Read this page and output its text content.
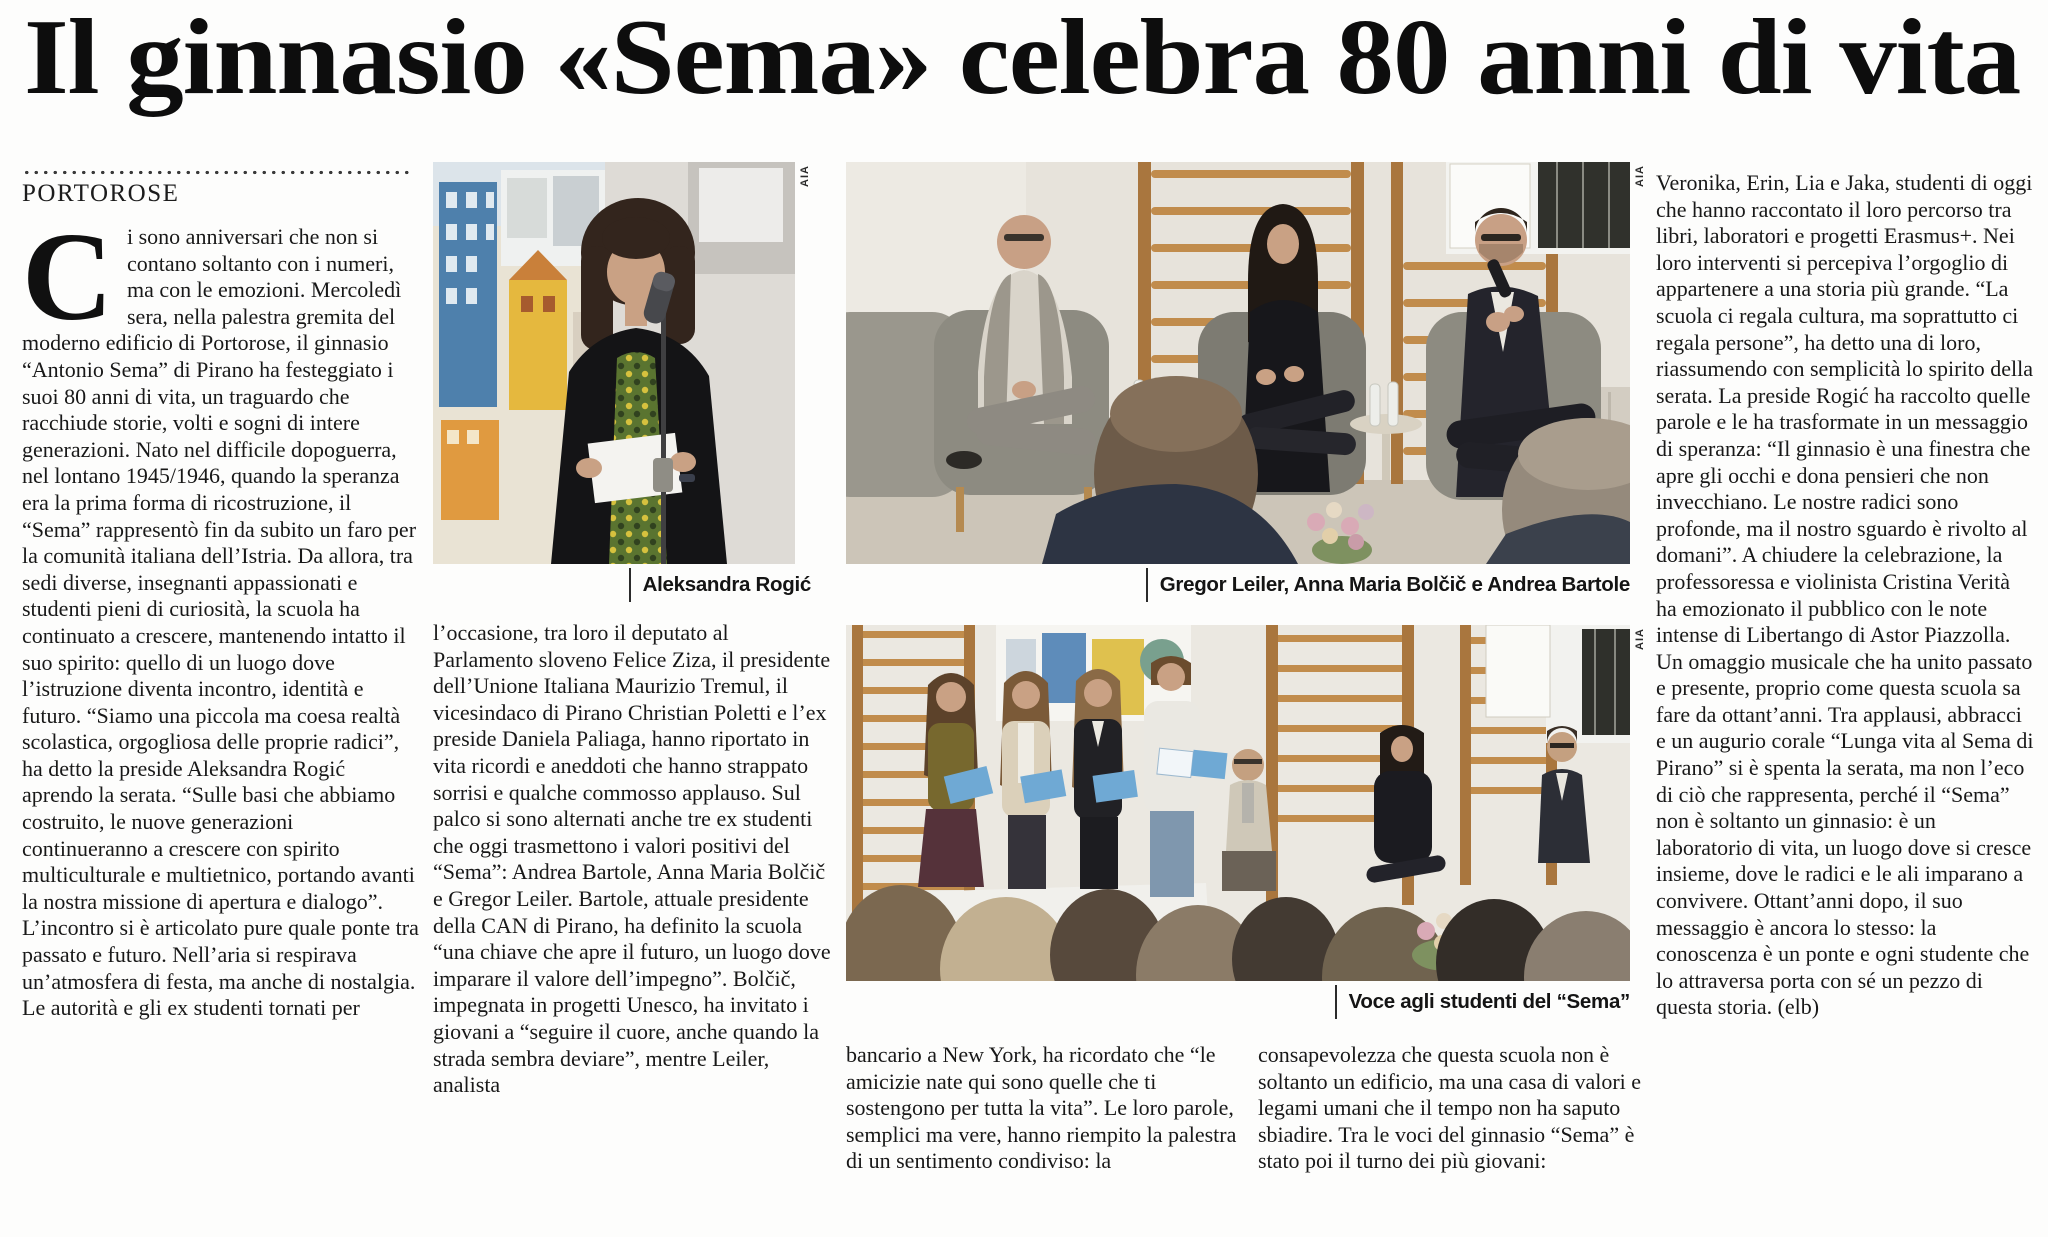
Il ginnasio «Sema» celebra 80 anni di vita
PORTOROSE
Ci sono anniversari che non si contano soltanto con i numeri, ma con le emozioni. Mercoledì sera, nella palestra gremita del moderno edificio di Portorose, il ginnasio “Antonio Sema” di Pirano ha festeggiato i suoi 80 anni di vita, un traguardo che racchiude storie, volti e sogni di intere generazioni. Nato nel difficile dopoguerra, nel lontano 1945/1946, quando la speranza era la prima forma di ricostruzione, il “Sema” rappresentò fin da subito un faro per la comunità italiana dell’Istria. Da allora, tra sedi diverse, insegnanti appassionati e studenti pieni di curiosità, la scuola ha continuato a crescere, mantenendo intatto il suo spirito: quello di un luogo dove l’istruzione diventa incontro, identità e futuro. “Siamo una piccola ma coesa realtà scolastica, orgogliosa delle proprie radici”, ha detto la preside Aleksandra Rogić aprendo la serata. “Sulle basi che abbiamo costruito, le nuove generazioni continueranno a crescere con spirito multiculturale e multietnico, portando avanti la nostra missione di apertura e dialogo”. L’incontro si è articolato pure quale ponte tra passato e futuro. Nell’aria si respirava un’atmosfera di festa, ma anche di nostalgia. Le autorità e gli ex studenti tornati per
AIA
Aleksandra Rogić
l’occasione, tra loro il deputato al Parlamento sloveno Felice Ziza, il presidente dell’Unione Italiana Maurizio Tremul, il vicesindaco di Pirano Christian Poletti e l’ex preside Daniela Paliaga, hanno riportato in vita ricordi e aneddoti che hanno strappato sorrisi e qualche commosso applauso. Sul palco si sono alternati anche tre ex studenti che oggi trasmettono i valori positivi del “Sema”: Andrea Bartole, Anna Maria Bolčič e Gregor Leiler. Bartole, attuale presidente della CAN di Pirano, ha definito la scuola “una chiave che apre il futuro, un luogo dove imparare il valore dell’impegno”. Bolčič, impegnata in progetti Unesco, ha invitato i giovani a “seguire il cuore, anche quando la strada sembra deviare”, mentre Leiler, analista
AIA
Gregor Leiler, Anna Maria Bolčič e Andrea Bartole
AIA
Voce agli studenti del “Sema”
bancario a New York, ha ricordato che “le amicizie nate qui sono quelle che ti sostengono per tutta la vita”. Le loro parole, semplici ma vere, hanno riempito la palestra di un sentimento condiviso: la
consapevolezza che questa scuola non è soltanto un edificio, ma una casa di valori e legami umani che il tempo non ha saputo sbiadire. Tra le voci del ginnasio “Sema” è stato poi il turno dei più giovani:
Veronika, Erin, Lia e Jaka, studenti di oggi che hanno raccontato il loro percorso tra libri, laboratori e progetti Erasmus+. Nei loro interventi si percepiva l’orgoglio di appartenere a una storia più grande. “La scuola ci regala cultura, ma soprattutto ci regala persone”, ha detto una di loro, riassumendo con semplicità lo spirito della serata. La preside Rogić ha raccolto quelle parole e le ha trasformate in un messaggio di speranza: “Il ginnasio è una finestra che apre gli occhi e dona pensieri che non invecchiano. Le nostre radici sono profonde, ma il nostro sguardo è rivolto al domani”. A chiudere la celebrazione, la professoressa e violinista Cristina Verità ha emozionato il pubblico con le note intense di Libertango di Astor Piazzolla. Un omaggio musicale che ha unito passato e presente, proprio come questa scuola sa fare da ottant’anni. Tra applausi, abbracci e un augurio corale “Lunga vita al Sema di Pirano” si è spenta la serata, ma non l’eco di ciò che rappresenta, perché il “Sema” non è soltanto un ginnasio: è un laboratorio di vita, un luogo dove si cresce insieme, dove le radici e le ali imparano a convivere. Ottant’anni dopo, il suo messaggio è ancora lo stesso: la conoscenza è un ponte e ogni studente che lo attraversa porta con sé un pezzo di questa storia. (elb)
